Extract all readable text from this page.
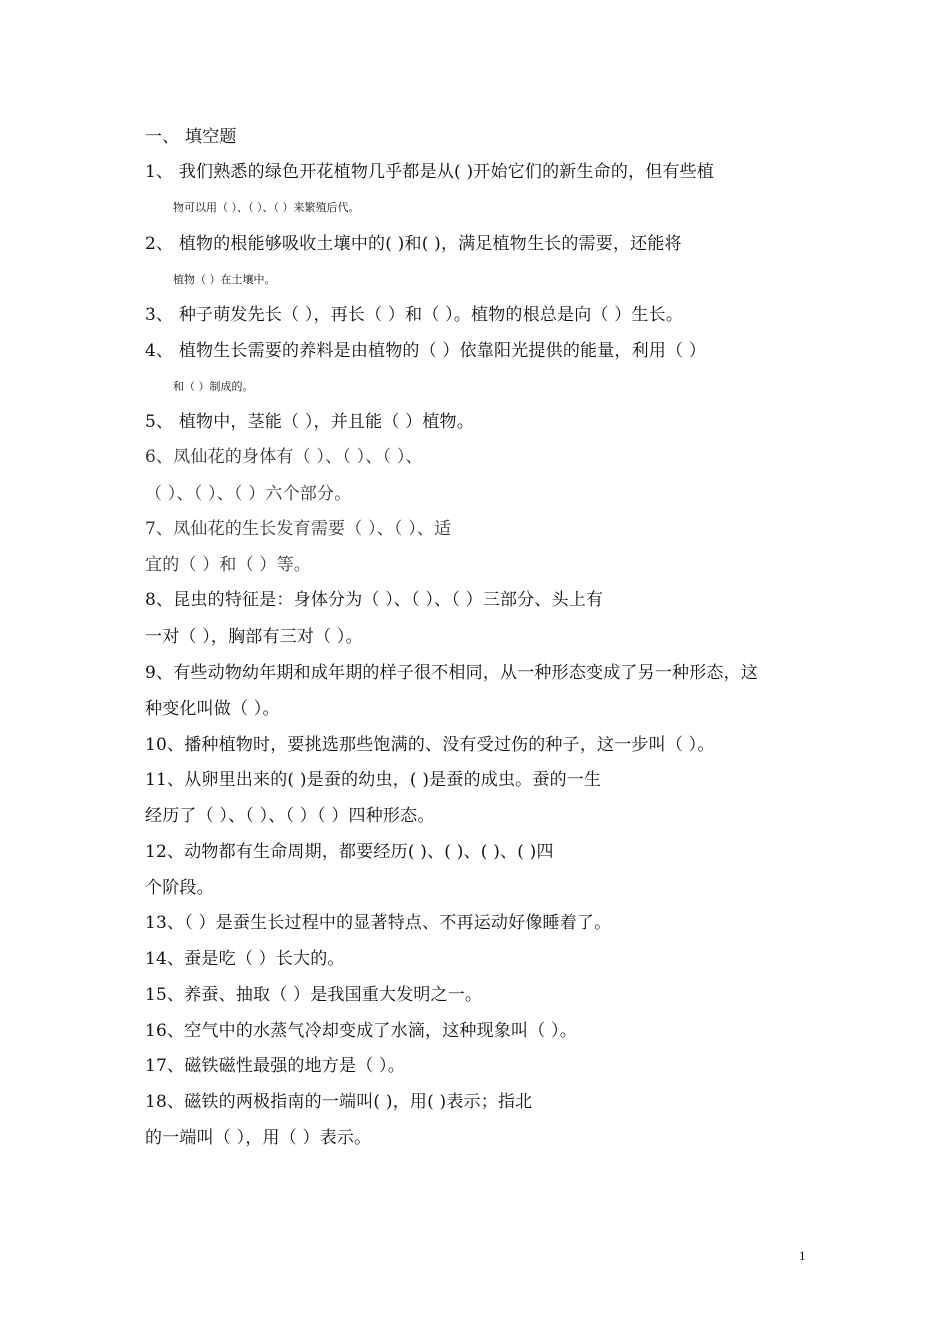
一、 填空题
1、 我们熟悉的绿色开花植物几乎都是从( )开始它们的新生命的，但有些植
物可以用（ ）、（ ）、（ ）来繁殖后代。
2、 植物的根能够吸收土壤中的( )和( )，满足植物生长的需要，还能将
植物（ ）在土壤中。
3、 种子萌发先长（ ），再长（ ）和（ ）。植物的根总是向（ ）生长。
4、 植物生长需要的养料是由植物的（ ）依靠阳光提供的能量，利用（ ）
和（ ）制成的。
5、 植物中，茎能（ ），并且能（ ）植物。
6、凤仙花的身体有（ ）、（ ）、（ ）、
（ ）、（ ）、（ ）六个部分。
7、凤仙花的生长发育需要（ ）、（ ）、适
宜的（ ）和（ ）等。
8、昆虫的特征是：身体分为（ ）、（ ）、（ ）三部分、头上有
一对（ ），胸部有三对（ ）。
9、有些动物幼年期和成年期的样子很不相同，从一种形态变成了另一种形态，这
种变化叫做（ ）。
10、播种植物时，要挑选那些饱满的、没有受过伤的种子，这一步叫（ ）。
11、从卵里出来的( )是蚕的幼虫，( )是蚕的成虫。蚕的一生
经历了（ ）、（ ）、（ ）（ ）四种形态。
12、动物都有生命周期，都要经历( )、( )、( )、( )四
个阶段。
13、（ ）是蚕生长过程中的显著特点、不再运动好像睡着了。
14、蚕是吃（ ）长大的。
15、养蚕、抽取（ ）是我国重大发明之一。
16、空气中的水蒸气冷却变成了水滴，这种现象叫（ ）。
17、磁铁磁性最强的地方是（ ）。
18、磁铁的两极指南的一端叫( )，用( )表示；指北
的一端叫（ ），用（ ）表示。
1
